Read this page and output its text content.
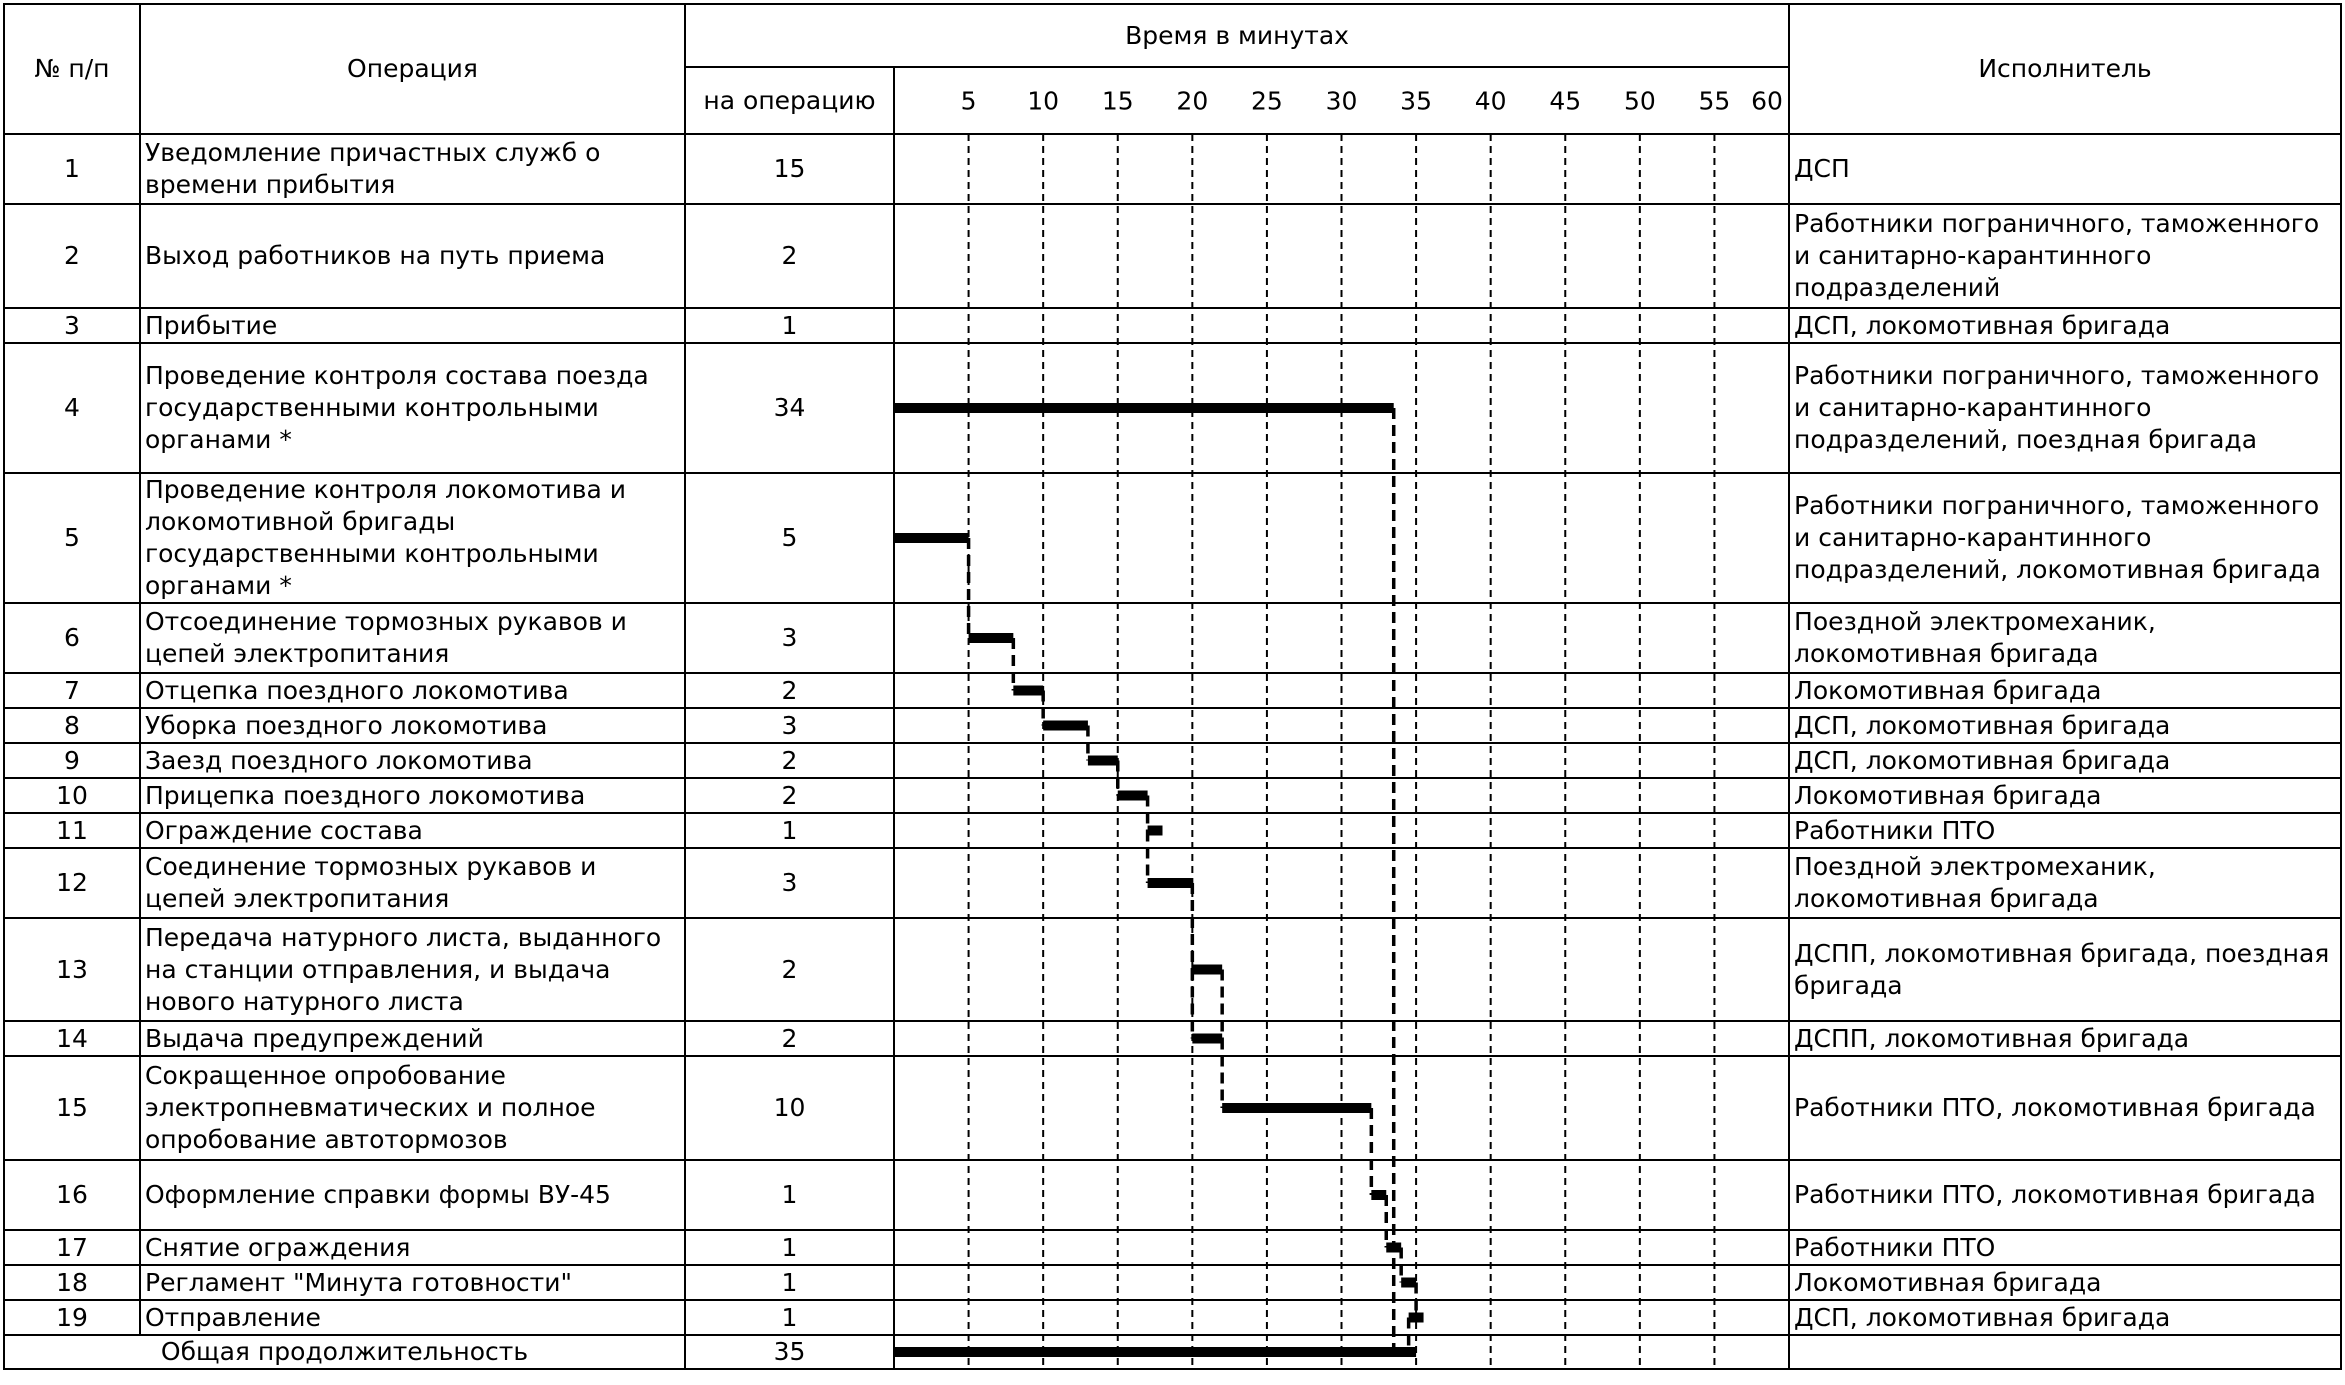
№ п/п	Операция	Время в минутах		Исполнитель
		на операцию		
1	Уведомление причастных служб о времени прибытия	15		ДСП
2	Выход работников на путь приема	2		Работники пограничного, таможенного и санитарно-карантинного подразделений
3	Прибытие	1		ДСП, локомотивная бригада
4	Проведение контроля состава поезда государственными контрольными органами *	34		Работники пограничного, таможенного и санитарно-карантинного подразделений, поездная бригада
5	Проведение контроля локомотива и локомотивной бригады государственными контрольными органами *	5		Работники пограничного, таможенного и санитарно-карантинного подразделений, локомотивная бригада
6	Отсоединение тормозных рукавов и цепей электропитания	3		Поездной электромеханик, локомотивная бригада
7	Отцепка поездного локомотива	2		Локомотивная бригада
8	Уборка поездного локомотива	3		ДСП, локомотивная бригада
9	Заезд поездного локомотива	2		ДСП, локомотивная бригада
10	Прицепка поездного локомотива	2		Локомотивная бригада
11	Ограждение состава	1		Работники ПТО
12	Соединение тормозных рукавов и цепей электропитания	3		Поездной электромеханик, локомотивная бригада
13	Передача натурного листа, выданного на станции отправления, и выдача нового натурного листа	2		ДСПП, локомотивная бригада, поездная бригада
14	Выдача предупреждений	2		ДСПП, локомотивная бригада
15	Сокращенное опробование электропневматических и полное опробование автотормозов	10		Работники ПТО, локомотивная бригада
16	Оформление справки формы ВУ-45	1		Работники ПТО, локомотивная бригада
17	Снятие ограждения	1		Работники ПТО
18	Регламент "Минута готовности"	1		Локомотивная бригада
19	Отправление	1		ДСП, локомотивная бригада
Общая продолжительность		35		
5 10 15 20 25 30 35 40 45 50 55 60
